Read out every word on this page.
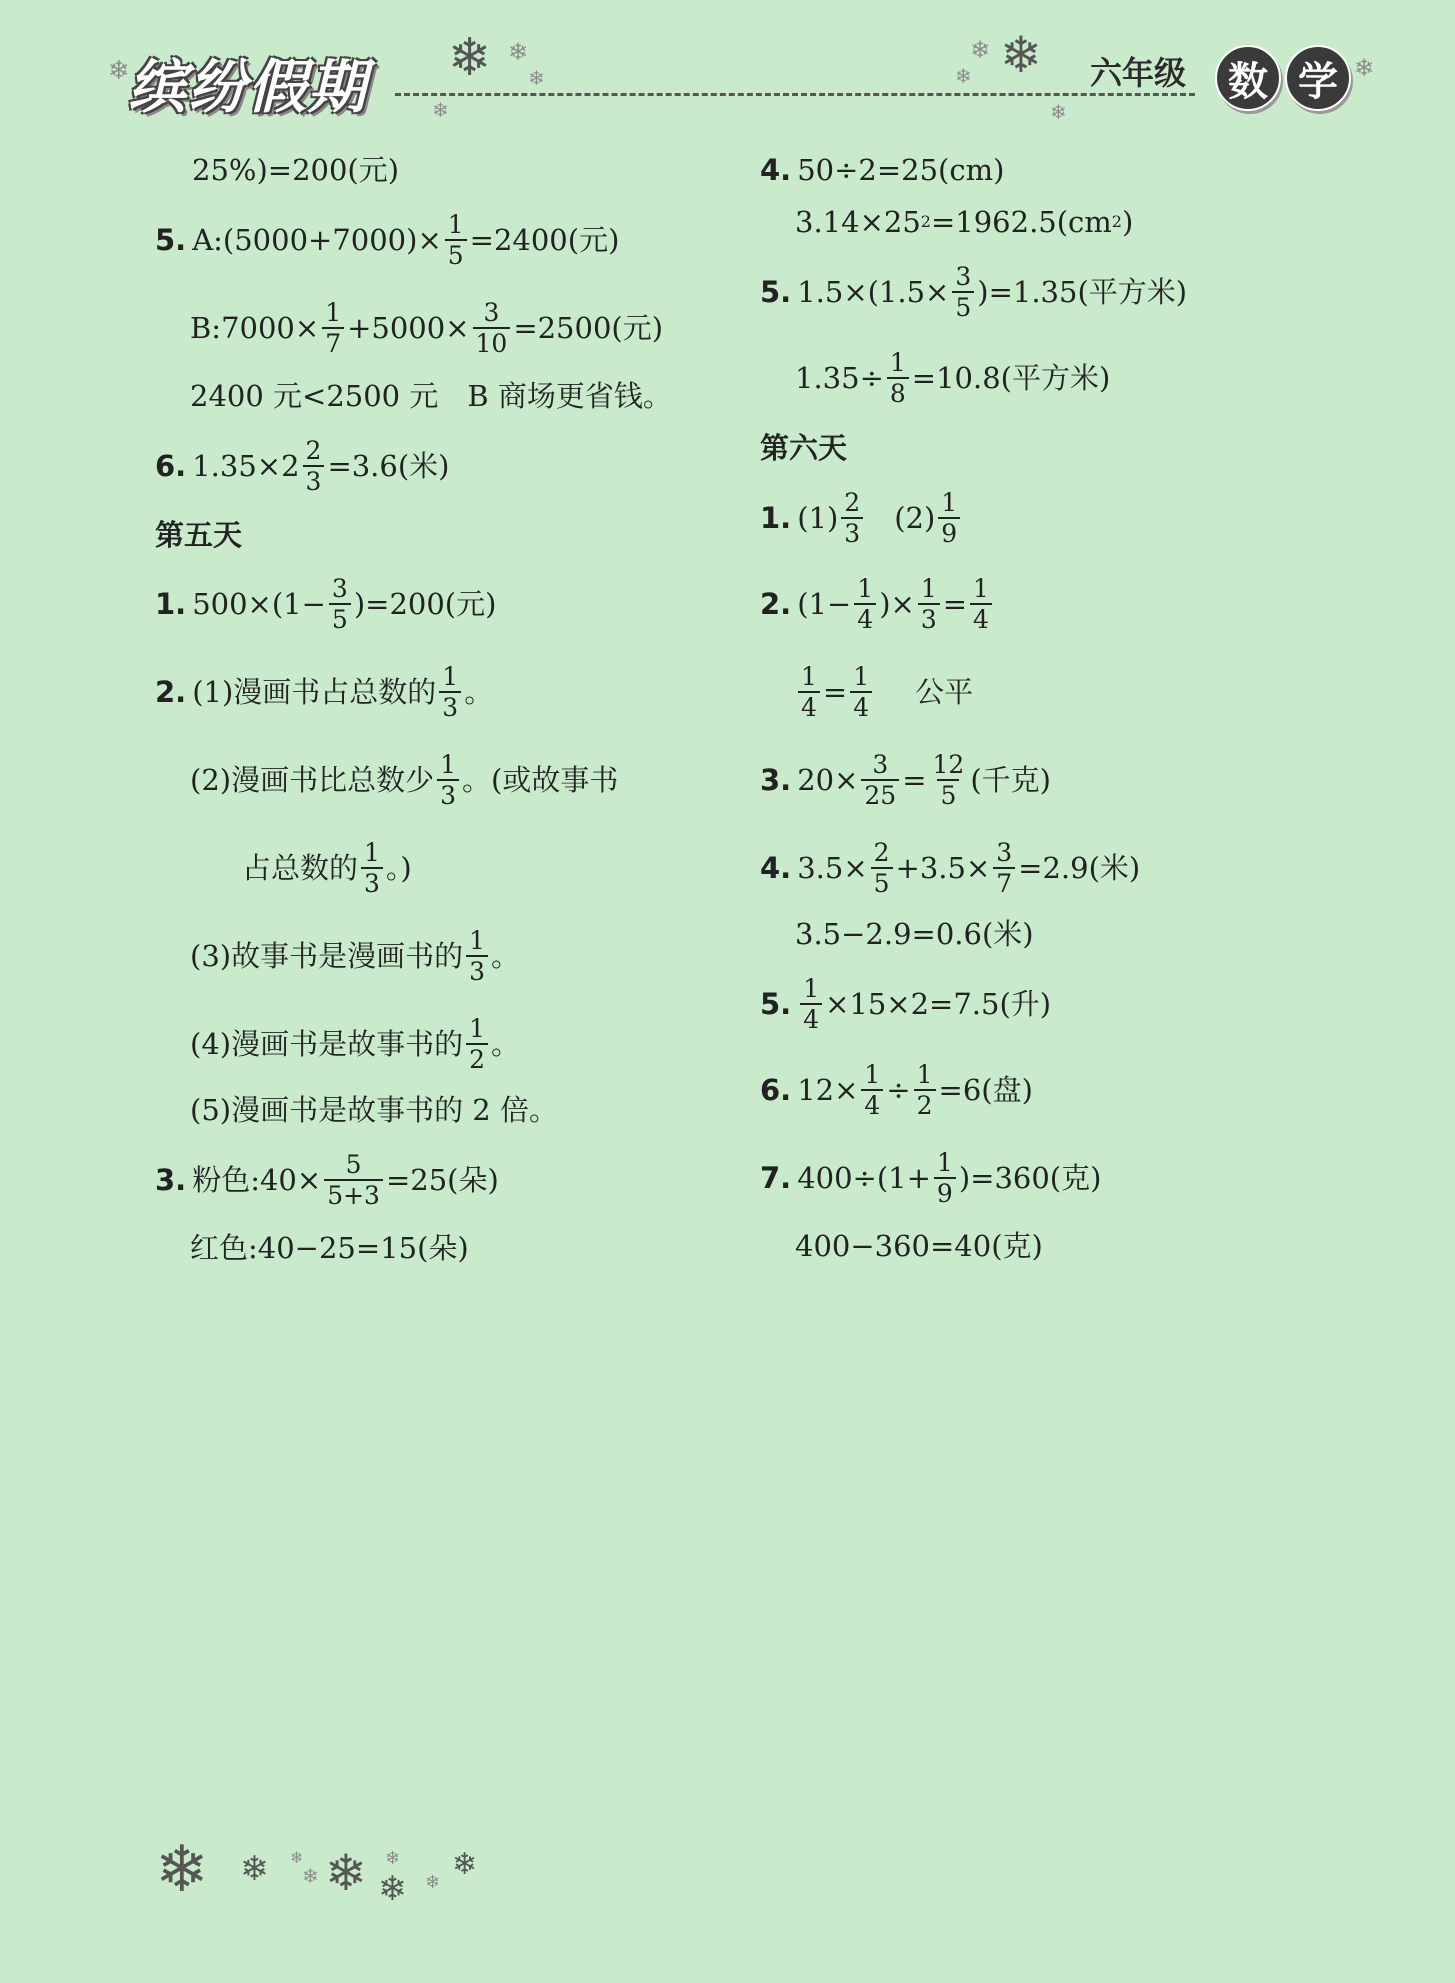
缤纷假期
❄	❄ ❄
❄
❄
❄
❄
❄
❄
六年级	数 学 ❄
25%)=200(元)
5. A:(5000+7000)× $\frac{1}{5} =2400$(元)
B:7000× $\frac{1}{7} +5000\times \frac{3}{10} =2500$(元)
2400 元<2500 元　B 商场更省钱。
6. $1.35\times 2 \frac{2}{3} =3.6$(米)
第五天
1. $500\times(1- \frac{3}{5} )=200$(元)
2. (1)漫画书占总数的 $\frac{1}{3}$ 。
(2)漫画书比总数少 $\frac{1}{3}$ 。(或故事书
占总数的 $\frac{1}{3}$ 。)
(3)故事书是漫画书的 $\frac{1}{3}$ 。
(4)漫画书是故事书的 $\frac{1}{2}$ 。
(5)漫画书是故事书的 2 倍。
3. 粉色:40× $\frac{5}{5+3} =25$(朵)
红色:40−25=15(朵)
4. 50÷2=25(cm)
3.14×25 2 =1962.5(cm 2 )
5. $1.5\times(1.5\times \frac{3}{5} )=1.35$(平方米)
$1.35\div \frac{1}{8} =10.8$(平方米)
第六天
1. $(1) \frac{2}{3} (2) \frac{1}{9}$
2. ($1- \frac{1}{4}$ )× $\frac{1}{3} = \frac{1}{4}$
$\frac{1}{4} = \frac{1}{4}$ 公平
3. $20\times \frac{3}{25} = \frac{12}{5}$ (千克)
4. $3.5\times \frac{2}{5} +3.5\times \frac{3}{7} =2.9$(米)
3.5−2.9=0.6(米)
5. $\frac{1}{4} \times 15\times 2=7.5$(升)
6. $12\times \frac{1}{4} \div \frac{1}{2} =6$(盘)
7. $400\div(1+ \frac{1}{9} )=360$(克)
400−360=40(克)
❄ ❄ ❄
❄ ❄ ❄
❄
❄
❄
